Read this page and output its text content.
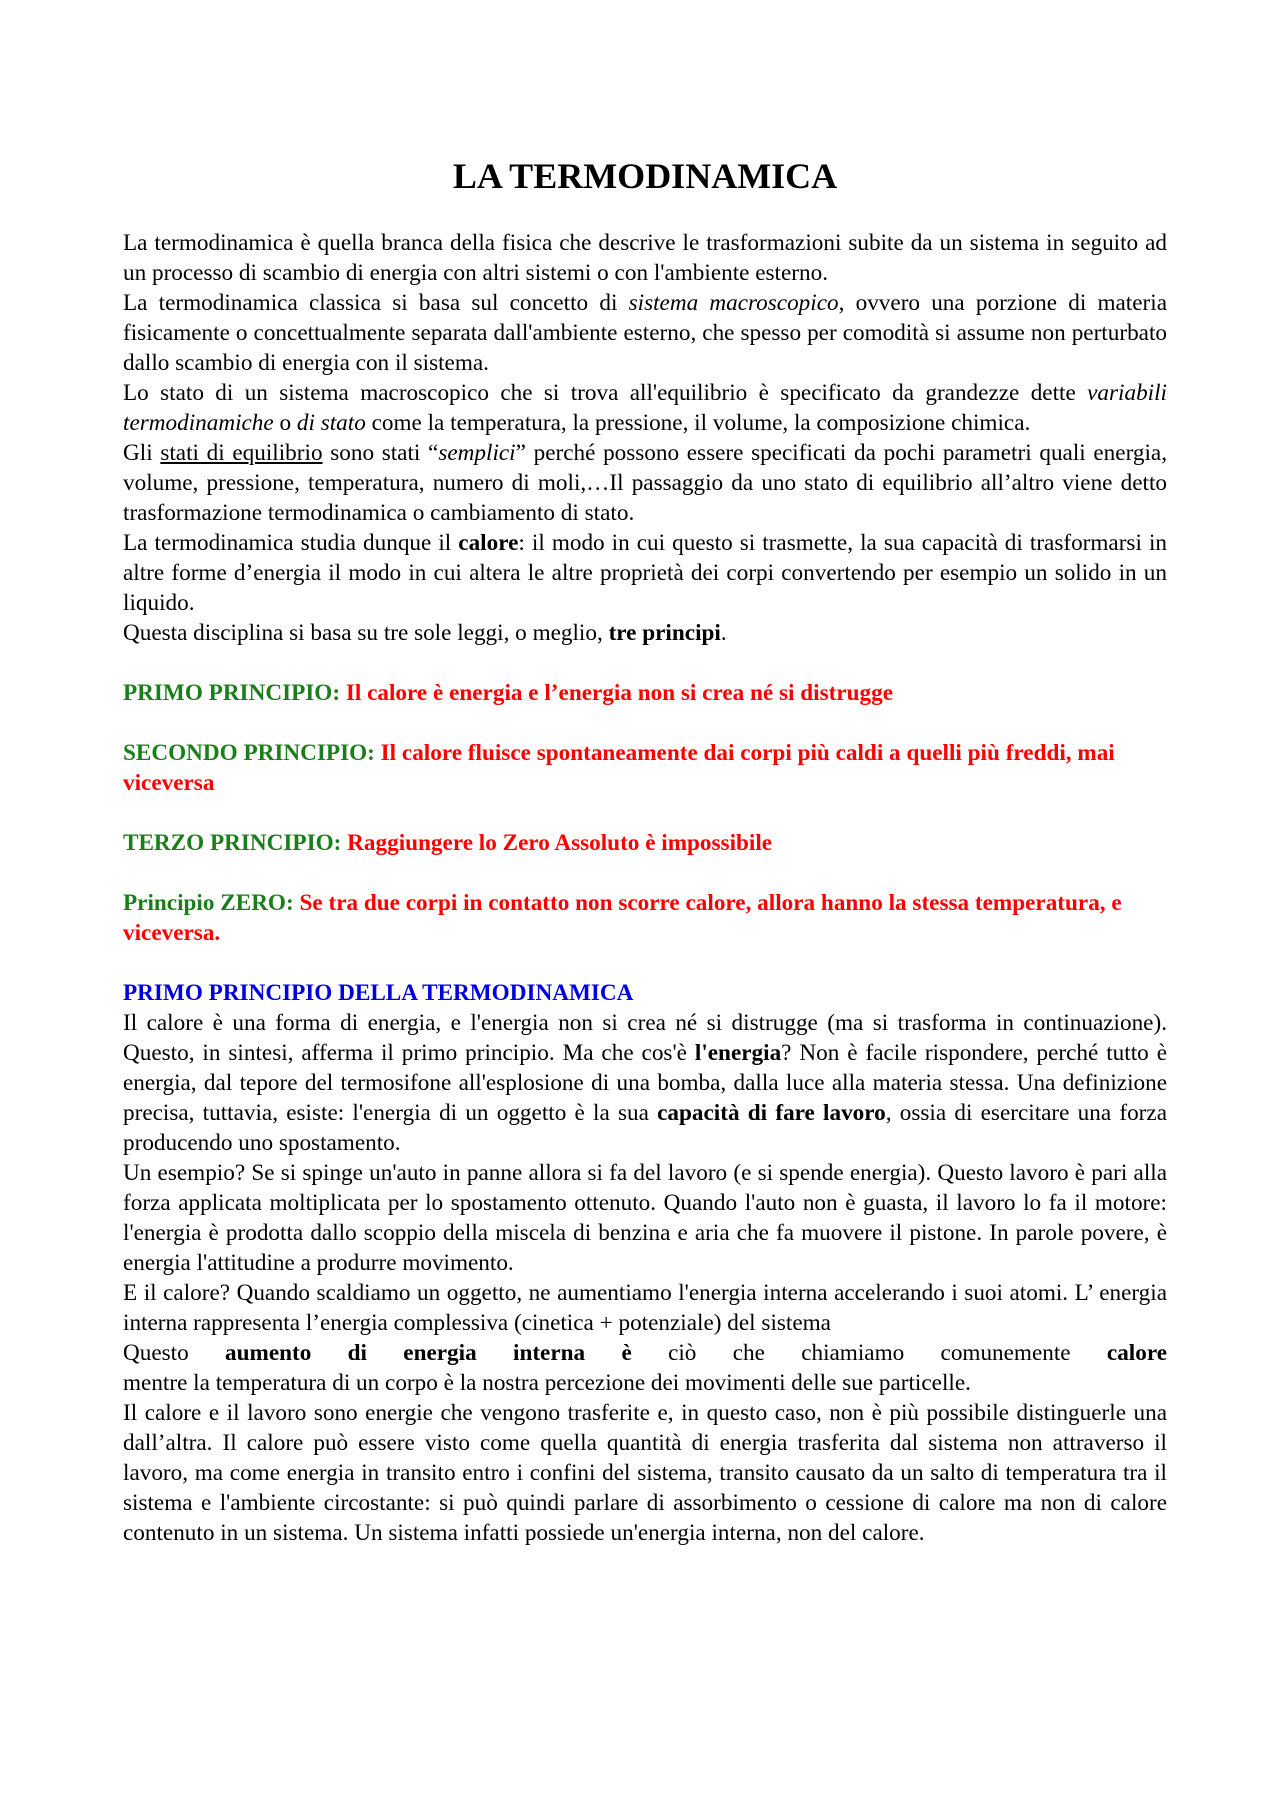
LA TERMODINAMICA

La termodinamica è quella branca della fisica che descrive le trasformazioni subite da un sistema in seguito ad un processo di scambio di energia con altri sistemi o con l'ambiente esterno.

La termodinamica classica si basa sul concetto di sistema macroscopico, ovvero una porzione di materia fisicamente o concettualmente separata dall'ambiente esterno, che spesso per comodità si assume non perturbato dallo scambio di energia con il sistema.

Lo stato di un sistema macroscopico che si trova all'equilibrio è specificato da grandezze dette variabili termodinamiche o di stato come la temperatura, la pressione, il volume, la composizione chimica.

Gli stati di equilibrio sono stati “semplici” perché possono essere specificati da pochi parametri quali energia, volume, pressione, temperatura, numero di moli,…Il passaggio da uno stato di equilibrio all’altro viene detto trasformazione termodinamica o cambiamento di stato.

La termodinamica studia dunque il calore: il modo in cui questo si trasmette, la sua capacità di trasformarsi in altre forme d’energia il modo in cui altera le altre proprietà dei corpi convertendo per esempio un solido in un liquido.

Questa disciplina si basa su tre sole leggi, o meglio, tre principi.

PRIMO PRINCIPIO: Il calore è energia e l’energia non si crea né si distrugge

SECONDO PRINCIPIO: Il calore fluisce spontaneamente dai corpi più caldi a quelli più freddi, mai viceversa

TERZO PRINCIPIO: Raggiungere lo Zero Assoluto è impossibile

Principio ZERO: Se tra due corpi in contatto non scorre calore, allora hanno la stessa temperatura, e viceversa.

PRIMO PRINCIPIO DELLA TERMODINAMICA

Il calore è una forma di energia, e l'energia non si crea né si distrugge (ma si trasforma in continuazione). Questo, in sintesi, afferma il primo principio. Ma che cos'è l'energia? Non è facile rispondere, perché tutto è energia, dal tepore del termosifone all'esplosione di una bomba, dalla luce alla materia stessa. Una definizione precisa, tuttavia, esiste: l'energia di un oggetto è la sua capacità di fare lavoro, ossia di esercitare una forza producendo uno spostamento.

Un esempio? Se si spinge un'auto in panne allora si fa del lavoro (e si spende energia). Questo lavoro è pari alla forza applicata moltiplicata per lo spostamento ottenuto. Quando l'auto non è guasta, il lavoro lo fa il motore: l'energia è prodotta dallo scoppio della miscela di benzina e aria che fa muovere il pistone. In parole povere, è energia l'attitudine a produrre movimento.

E il calore? Quando scaldiamo un oggetto, ne aumentiamo l'energia interna accelerando i suoi atomi. L’ energia interna rappresenta l’energia complessiva (cinetica + potenziale) del sistema

Questo aumento di energia interna è ciò che chiamiamo comunemente calore

mentre la temperatura di un corpo è la nostra percezione dei movimenti delle sue particelle.

Il calore e il lavoro sono energie che vengono trasferite e, in questo caso, non è più possibile distinguerle una dall’altra. Il calore può essere visto come quella quantità di energia trasferita dal sistema non attraverso il lavoro, ma come energia in transito entro i confini del sistema, transito causato da un salto di temperatura tra il sistema e l'ambiente circostante: si può quindi parlare di assorbimento o cessione di calore ma non di calore contenuto in un sistema. Un sistema infatti possiede un'energia interna, non del calore.
